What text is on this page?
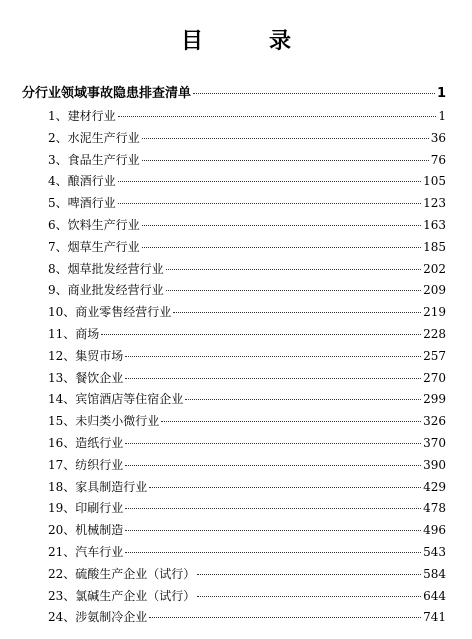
目　录
分行业领域事故隐患排查清单	1
1、 建材行业	1
2、 水泥生产行业	36
3、 食品生产行业	76
4、 酿酒行业	105
5、 啤酒行业	123
6、 饮料生产行业	163
7、 烟草生产行业	185
8、 烟草批发经营行业	202
9、 商业批发经营行业	209
10、 商业零售经营行业	219
11、 商场	228
12、 集贸市场	257
13、 餐饮企业	270
14、 宾馆酒店等住宿企业	299
15、 未归类小微行业	326
16、 造纸行业	370
17、 纺织行业	390
18、 家具制造行业	429
19、 印刷行业	478
20、 机械制造	496
21、 汽车行业	543
22、 硫酸生产企业（试行）	584
23、 氯碱生产企业（试行）	644
24、 涉氨制冷企业	741
